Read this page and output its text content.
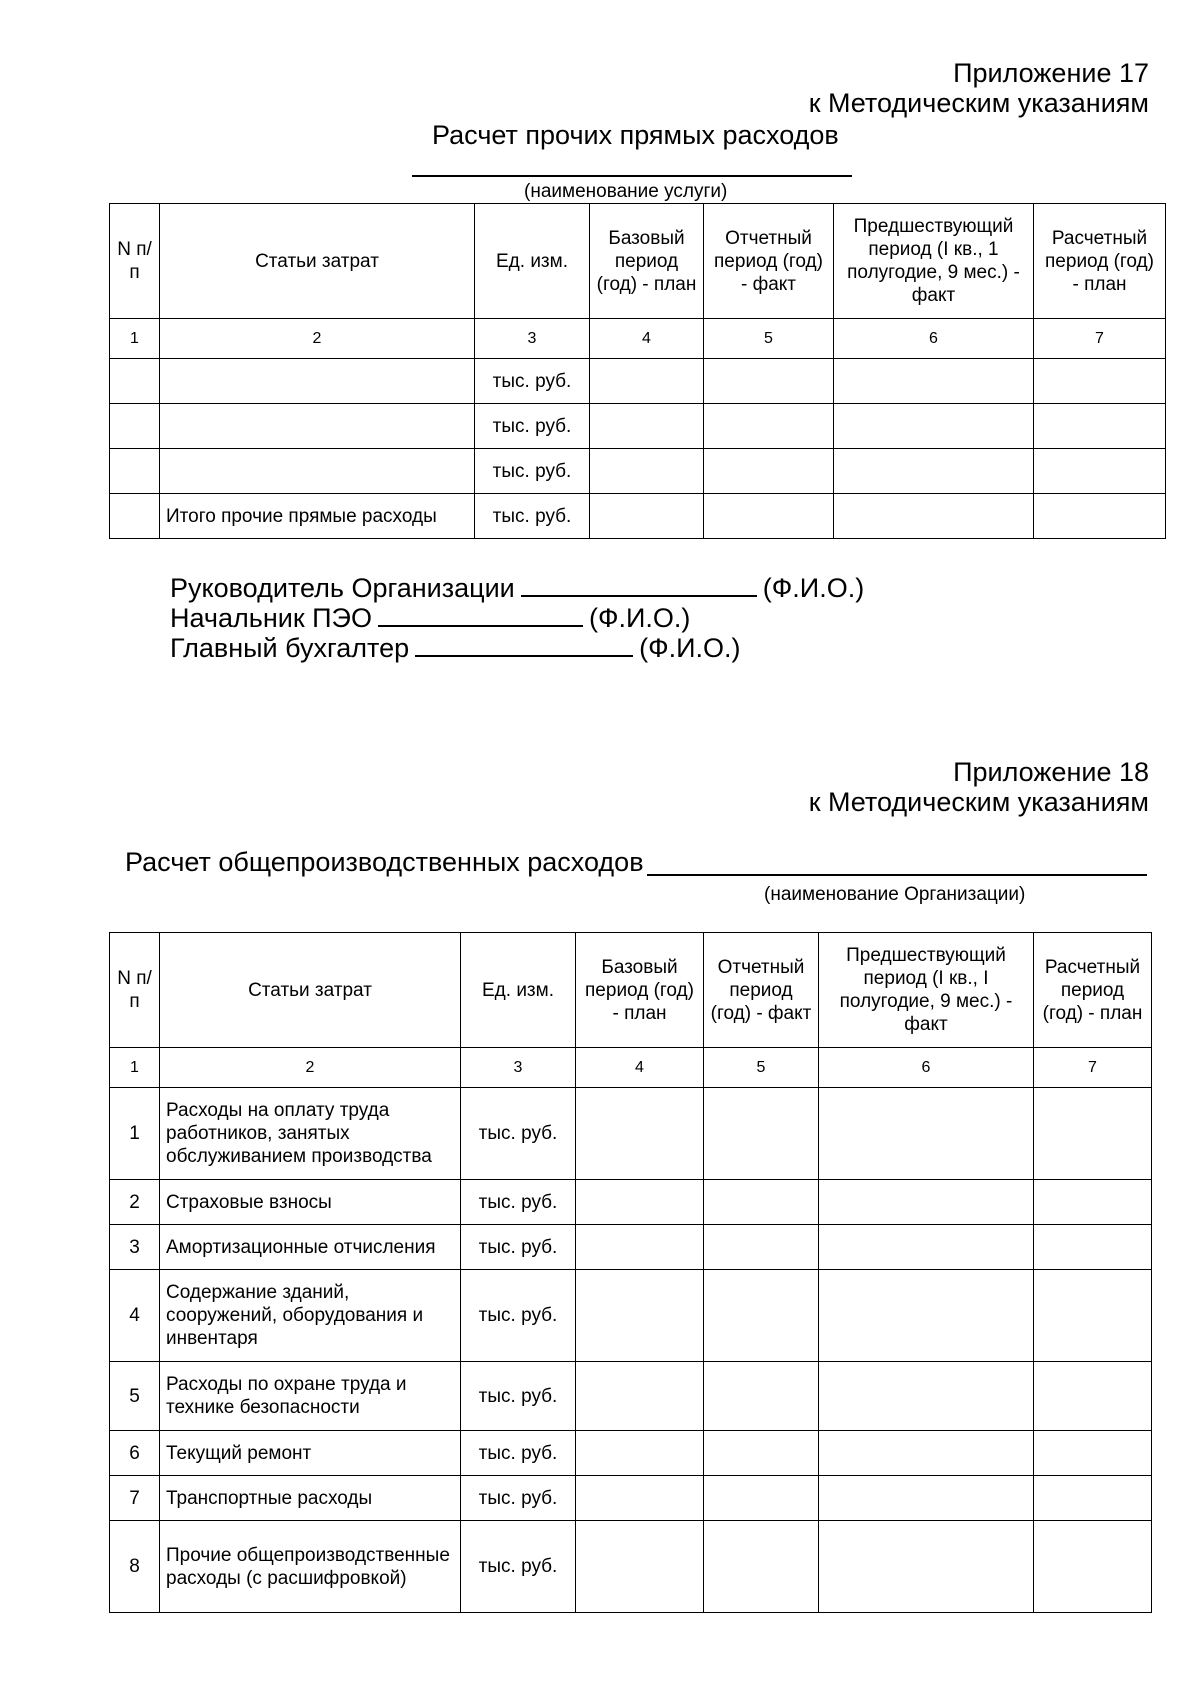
Приложение 17
к Методическим указаниям
Расчет прочих прямых расходов
(наименование услуги)
N п/п	Статьи затрат	Ед. изм.	Базовый период (год) - план	Отчетный период (год) - факт	Предшествующий период (I кв., 1 полугодие, 9 мес.) - факт	Расчетный период (год) - план
1	2	3	4	5	6	7
		тыс. руб.				
		тыс. руб.				
		тыс. руб.				
	Итого прочие прямые расходы	тыс. руб.				
Руководитель Организации	(Ф.И.О.)
Начальник ПЭО	(Ф.И.О.)
Главный бухгалтер	(Ф.И.О.)
Приложение 18
к Методическим указаниям
Расчет общепроизводственных расходов
(наименование Организации)
N п/п	Статьи затрат	Ед. изм.	Базовый период (год) - план	Отчетный период (год) - факт	Предшествующий период (I кв., I полугодие, 9 мес.) - факт	Расчетный период (год) - план
1	2	3	4	5	6	7
1	Расходы на оплату труда работников, занятых обслуживанием производства	тыс. руб.				
2	Страховые взносы	тыс. руб.				
3	Амортизационные отчисления	тыс. руб.				
4	Содержание зданий, сооружений, оборудования и инвентаря	тыс. руб.				
5	Расходы по охране труда и технике безопасности	тыс. руб.				
6	Текущий ремонт	тыс. руб.				
7	Транспортные расходы	тыс. руб.				
8	Прочие общепроизводственные расходы (с расшифровкой)	тыс. руб.				
